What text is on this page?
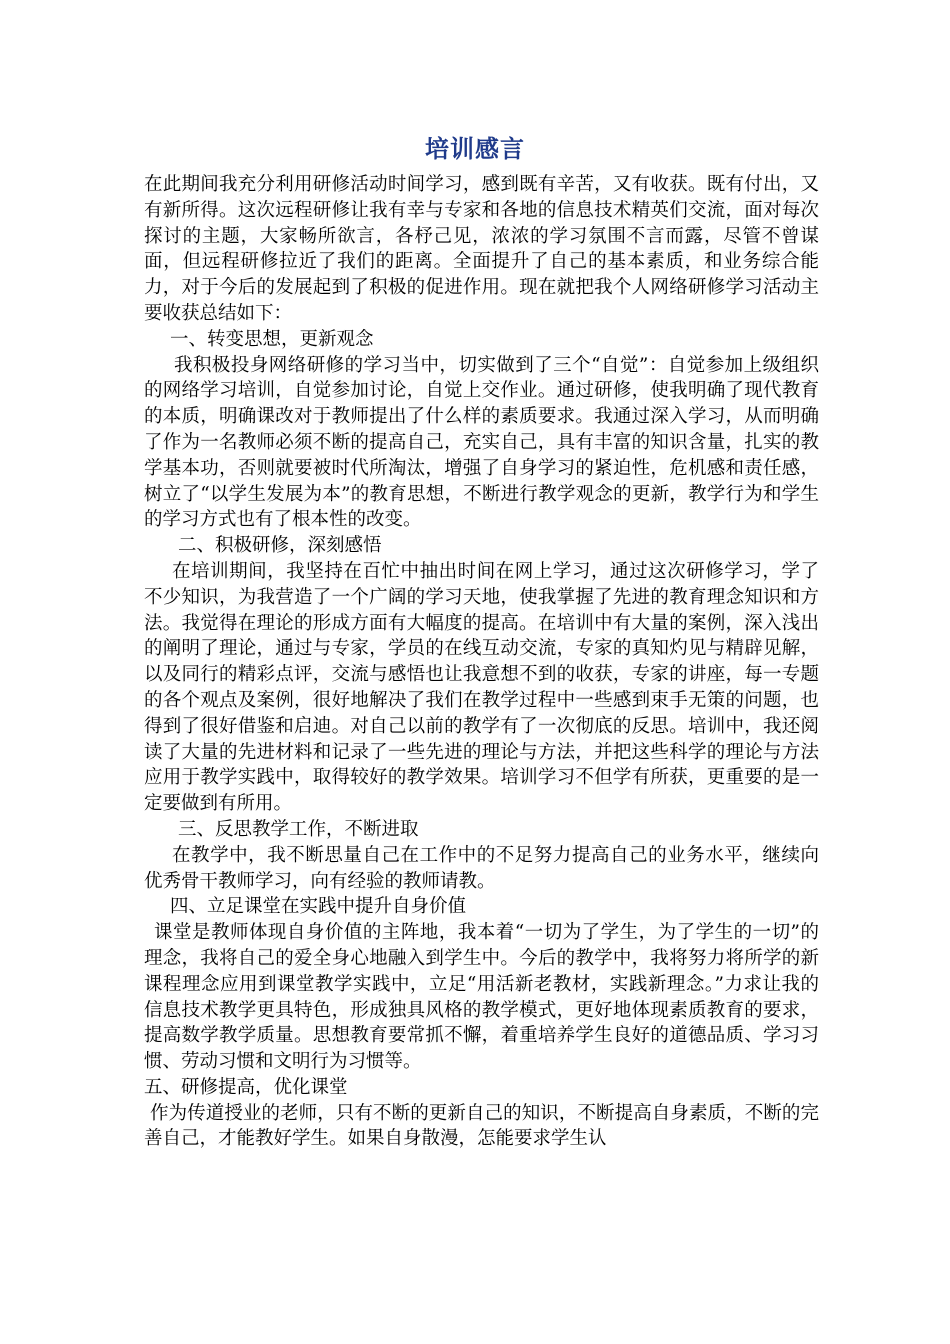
培训感言

在此期间我充分利用研修活动时间学习，感到既有辛苦，又有收获。既有付出，又有新所得。这次远程研修让我有幸与专家和各地的信息技术精英们交流，面对每次探讨的主题，大家畅所欲言，各杼己见，浓浓的学习氛围不言而露，尽管不曾谋面，但远程研修拉近了我们的距离。全面提升了自己的基本素质，和业务综合能力，对于今后的发展起到了积极的促进作用。现在就把我个人网络研修学习活动主要收获总结如下：

一、转变思想，更新观念

我积极投身网络研修的学习当中，切实做到了三个“自觉”：自觉参加上级组织的网络学习培训，自觉参加讨论，自觉上交作业。通过研修，使我明确了现代教育的本质，明确课改对于教师提出了什么样的素质要求。我通过深入学习，从而明确了作为一名教师必须不断的提高自己，充实自己，具有丰富的知识含量，扎实的教学基本功，否则就要被时代所淘汰，增强了自身学习的紧迫性，危机感和责任感，树立了“以学生发展为本”的教育思想，不断进行教学观念的更新，教学行为和学生的学习方式也有了根本性的改变。

二、积极研修，深刻感悟

在培训期间，我坚持在百忙中抽出时间在网上学习，通过这次研修学习，学了不少知识，为我营造了一个广阔的学习天地，使我掌握了先进的教育理念知识和方法。我觉得在理论的形成方面有大幅度的提高。在培训中有大量的案例，深入浅出的阐明了理论，通过与专家，学员的在线互动交流，专家的真知灼见与精辟见解，以及同行的精彩点评，交流与感悟也让我意想不到的收获，专家的讲座，每一专题的各个观点及案例，很好地解决了我们在教学过程中一些感到束手无策的问题，也得到了很好借鉴和启迪。对自己以前的教学有了一次彻底的反思。培训中，我还阅读了大量的先进材料和记录了一些先进的理论与方法，并把这些科学的理论与方法应用于教学实践中，取得较好的教学效果。培训学习不但学有所获，更重要的是一定要做到有所用。

三、反思教学工作，不断进取

在教学中，我不断思量自己在工作中的不足努力提高自己的业务水平，继续向优秀骨干教师学习，向有经验的教师请教。

四、立足课堂在实践中提升自身价值

课堂是教师体现自身价值的主阵地，我本着“一切为了学生，为了学生的一切”的理念，我将自己的爱全身心地融入到学生中。今后的教学中，我将努力将所学的新课程理念应用到课堂教学实践中，立足“用活新老教材，实践新理念。”力求让我的信息技术教学更具特色，形成独具风格的教学模式，更好地体现素质教育的要求，提高数学教学质量。思想教育要常抓不懈，着重培养学生良好的道德品质、学习习惯、劳动习惯和文明行为习惯等。

五、研修提高，优化课堂

作为传道授业的老师，只有不断的更新自己的知识，不断提高自身素质，不断的完善自己，才能教好学生。如果自身散漫，怎能要求学生认
